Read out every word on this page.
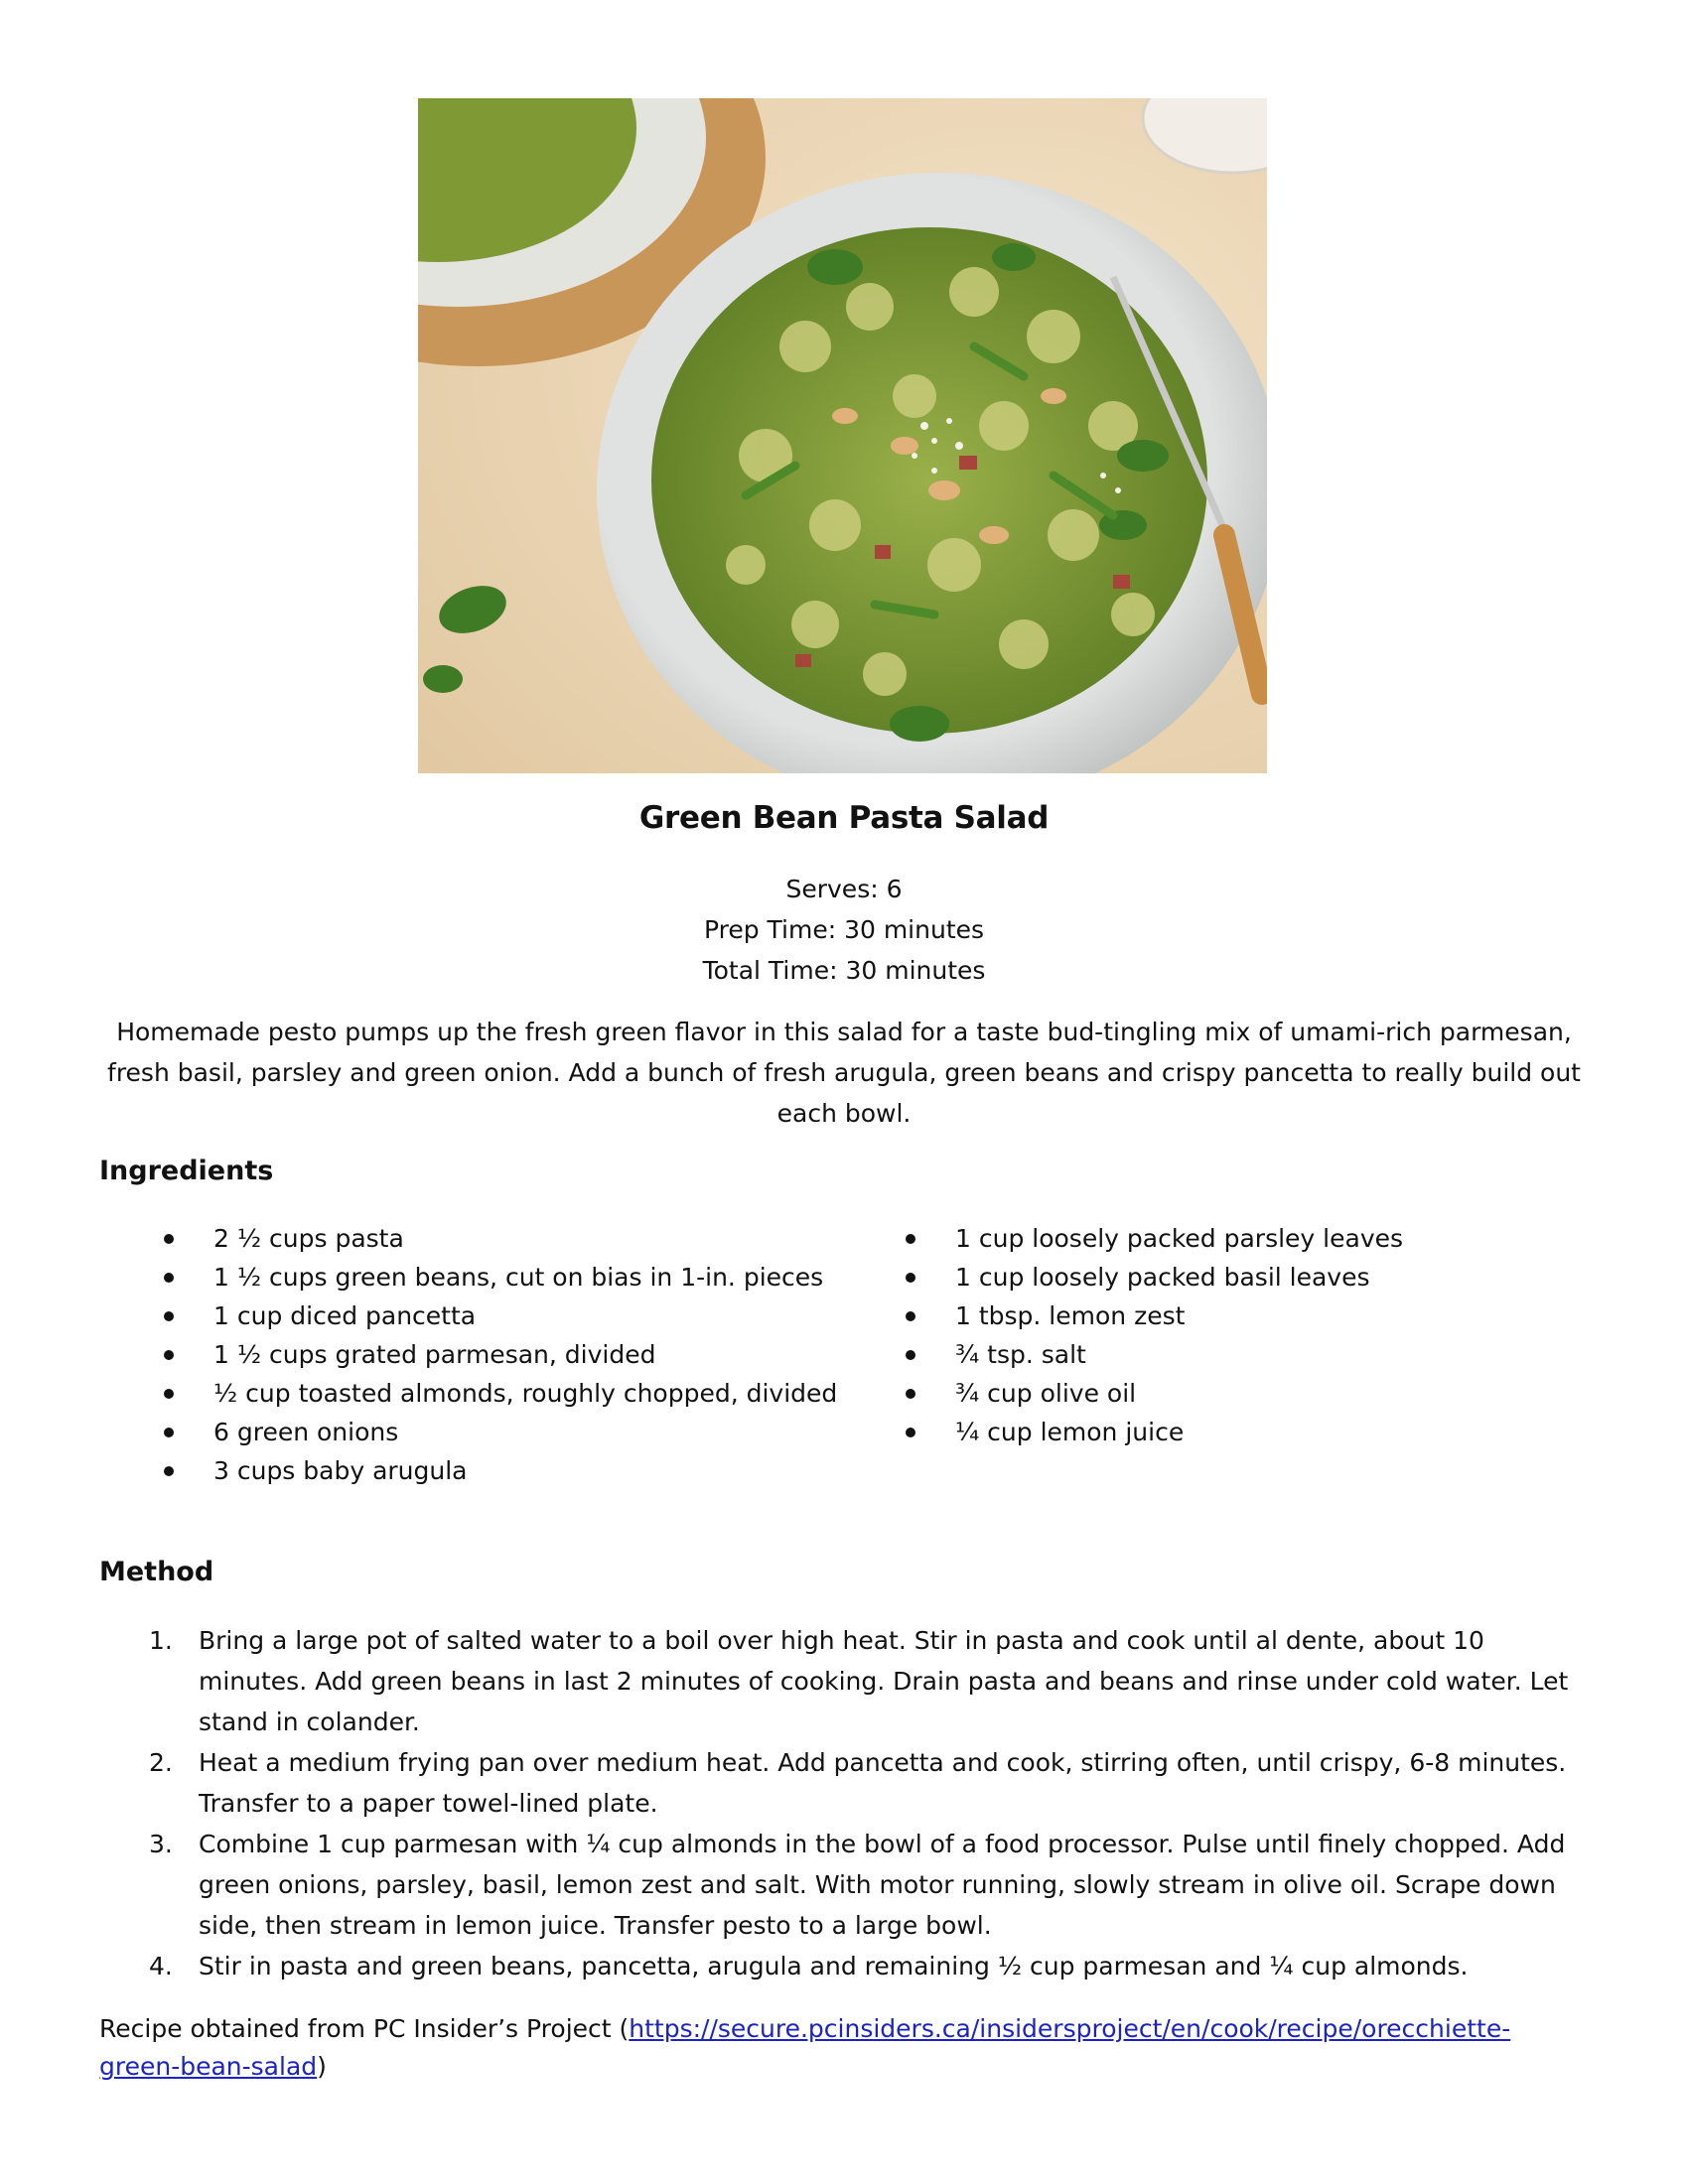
Green Bean Pasta Salad
Serves: 6
Prep Time: 30 minutes
Total Time: 30 minutes

Homemade pesto pumps up the fresh green flavor in this salad for a taste bud-tingling mix of umami-rich parmesan, fresh basil, parsley and green onion. Add a bunch of fresh arugula, green beans and crispy pancetta to really build out each bowl.

Ingredients
2 ½ cups pasta
1 ½ cups green beans, cut on bias in 1-in. pieces
1 cup diced pancetta
1 ½ cups grated parmesan, divided
½ cup toasted almonds, roughly chopped, divided
6 green onions
3 cups baby arugula
1 cup loosely packed parsley leaves
1 cup loosely packed basil leaves
1 tbsp. lemon zest
¾ tsp. salt
¾ cup olive oil
¼ cup lemon juice
Method
1. Bring a large pot of salted water to a boil over high heat. Stir in pasta and cook until al dente, about 10 minutes. Add green beans in last 2 minutes of cooking. Drain pasta and beans and rinse under cold water. Let stand in colander.
2. Heat a medium frying pan over medium heat. Add pancetta and cook, stirring often, until crispy, 6-8 minutes. Transfer to a paper towel-lined plate.
3. Combine 1 cup parmesan with ¼ cup almonds in the bowl of a food processor. Pulse until finely chopped. Add green onions, parsley, basil, lemon zest and salt. With motor running, slowly stream in olive oil. Scrape down side, then stream in lemon juice. Transfer pesto to a large bowl.
4. Stir in pasta and green beans, pancetta, arugula and remaining ½ cup parmesan and ¼ cup almonds.
Recipe obtained from PC Insider’s Project (https://secure.pcinsiders.ca/insidersproject/en/cook/recipe/orecchiette-green-bean-salad)
